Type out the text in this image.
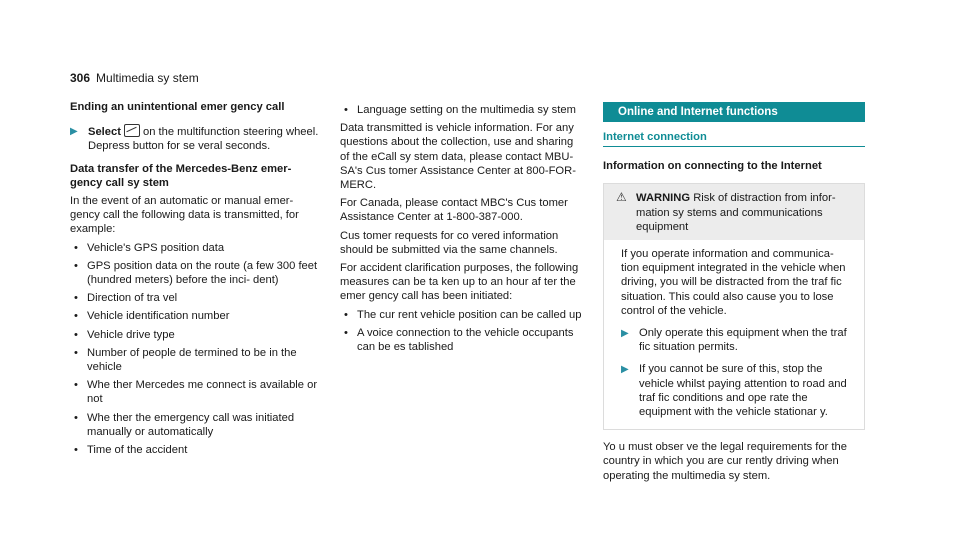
306 Multimedia sy stem

Ending an unintentional emer gency call

▶ Select on the multifunction steering wheel. Depress button for se veral seconds.

Data transfer of the Mercedes-Benz emer- gency call sy stem

In the event of an automatic or manual emer- gency call the following data is transmitted, for example:

• Vehicle's GPS position data
• GPS position data on the route (a few 300 feet (hundred meters) before the inci- dent)
• Direction of tra vel
• Vehicle identification number
• Vehicle drive type
• Number of people de termined to be in the vehicle
• Whe ther Mercedes me connect is available or not
• Whe ther the emergency call was initiated manually or automatically
• Time of the accident
• Language setting on the multimedia sy stem

Data transmitted is vehicle information. For any questions about the collection, use and sharing of the eCall sy stem data, please contact MBU- SA's Cus tomer Assistance Center at 800-FOR- MERC.

For Canada, please contact MBC's Cus tomer Assistance Center at 1-800-387-000.

Cus tomer requests for co vered information should be submitted via the same channels.

For accident clarification purposes, the following measures can be ta ken up to an hour af ter the emer gency call has been initiated:

• The cur rent vehicle position can be called up
• A voice connection to the vehicle occupants can be es tablished
Online and Internet functions
Internet connection

Information on connecting to the Internet

⚠ WARNING Risk of distraction from infor- mation sy stems and communications equipment

If you operate information and communica- tion equipment integrated in the vehicle when driving, you will be distracted from the traf fic situation. This could also cause you to lose control of the vehicle.

▶ Only operate this equipment when the traf fic situation permits.
▶ If you cannot be sure of this, stop the vehicle whilst paying attention to road and traf fic conditions and ope rate the equipment with the vehicle stationar y.

Yo u must obser ve the legal requirements for the country in which you are cur rently driving when operating the multimedia sy stem.
